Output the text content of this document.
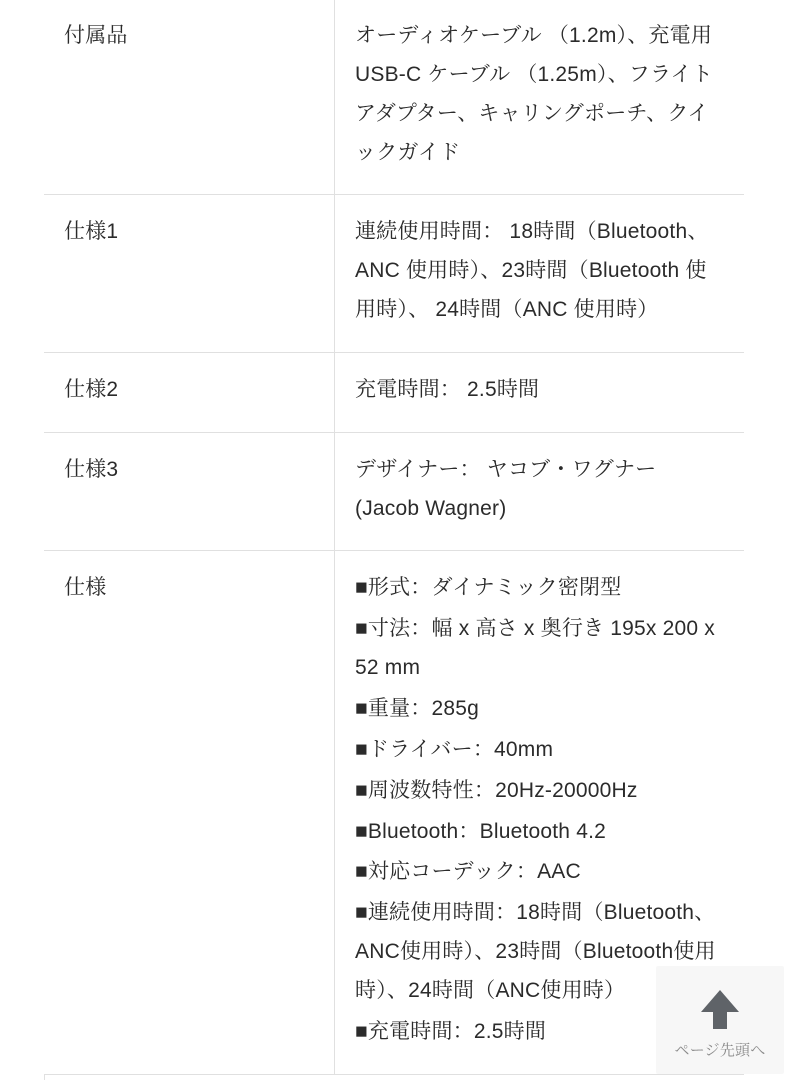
付属品	オーディオケーブル （1.2m）、充電用USB-C ケーブル （1.25m）、フライトアダプター、キャリングポーチ、クイックガイド

仕様1	連続使用時間： 18時間（Bluetooth、ANC 使用時）、23時間（Bluetooth 使用時）、 24時間（ANC 使用時）

仕様2	充電時間： 2.5時間

仕様3	デザイナー： ヤコブ・ワグナー (Jacob Wagner)

仕様	■形式：ダイナミック密閉型
■寸法：幅 x 高さ x 奥行き 195x 200 x 52 mm
■重量：285g
■ドライバー：40mm
■周波数特性：20Hz-20000Hz
■Bluetooth：Bluetooth 4.2
■対応コーデック：AAC
■連続使用時間：18時間（Bluetooth、ANC使用時）、23時間（Bluetooth使用時）、24時間（ANC使用時）
■充電時間：2.5時間
ページ先頭へ
